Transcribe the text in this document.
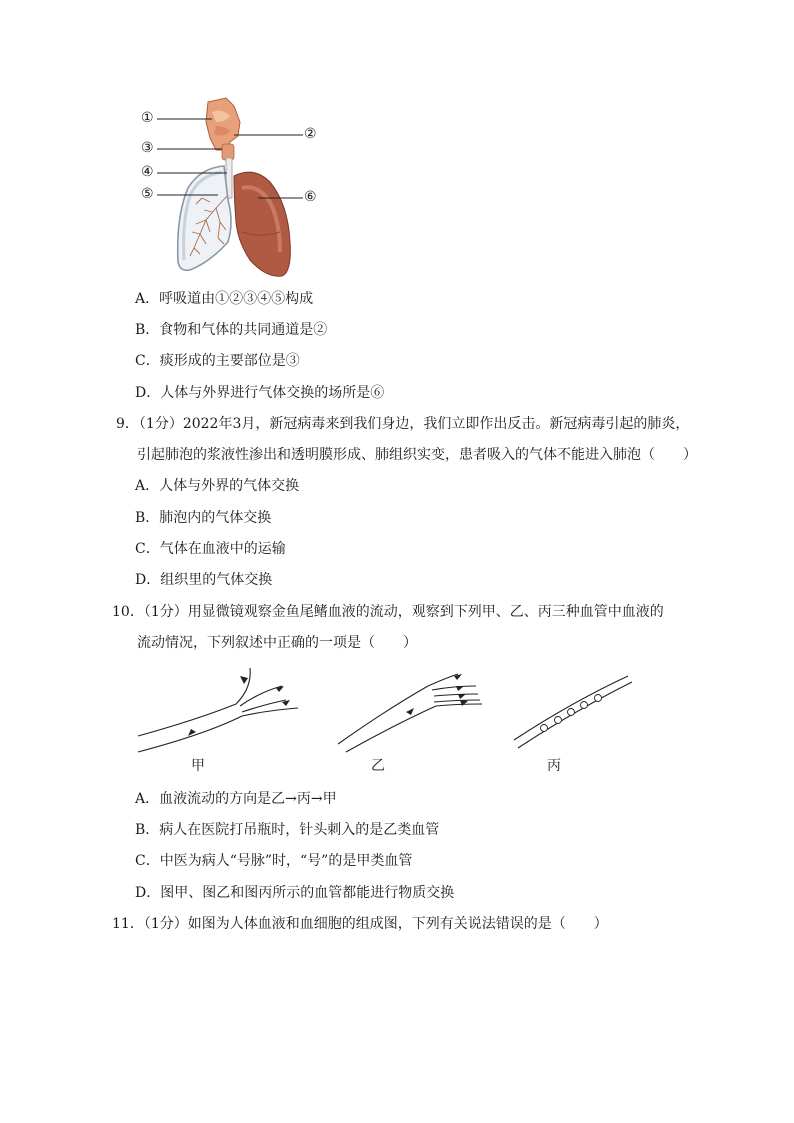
①
②
③
④
⑤	⑥
A．呼吸道由①②③④⑤构成
B．食物和气体的共同通道是②
C．痰形成的主要部位是③
D．人体与外界进行气体交换的场所是⑥
9．（1分）2022年3月，新冠病毒来到我们身边，我们立即作出反击。新冠病毒引起的肺炎，
引起肺泡的浆液性渗出和透明膜形成、肺组织实变，患者吸入的气体不能进入肺泡（　　）
A．人体与外界的气体交换
B．肺泡内的气体交换
C．气体在血液中的运输
D．组织里的气体交换
10．（1分）用显微镜观察金鱼尾鳍血液的流动，观察到下列甲、乙、丙三种血管中血液的
流动情况，下列叙述中正确的一项是（　　）
甲	乙	丙
A．血液流动的方向是乙→丙→甲
B．病人在医院打吊瓶时，针头刺入的是乙类血管
C．中医为病人“号脉”时，“号”的是甲类血管
D．图甲、图乙和图丙所示的血管都能进行物质交换
11．（1分）如图为人体血液和血细胞的组成图，下列有关说法错误的是（　　）
